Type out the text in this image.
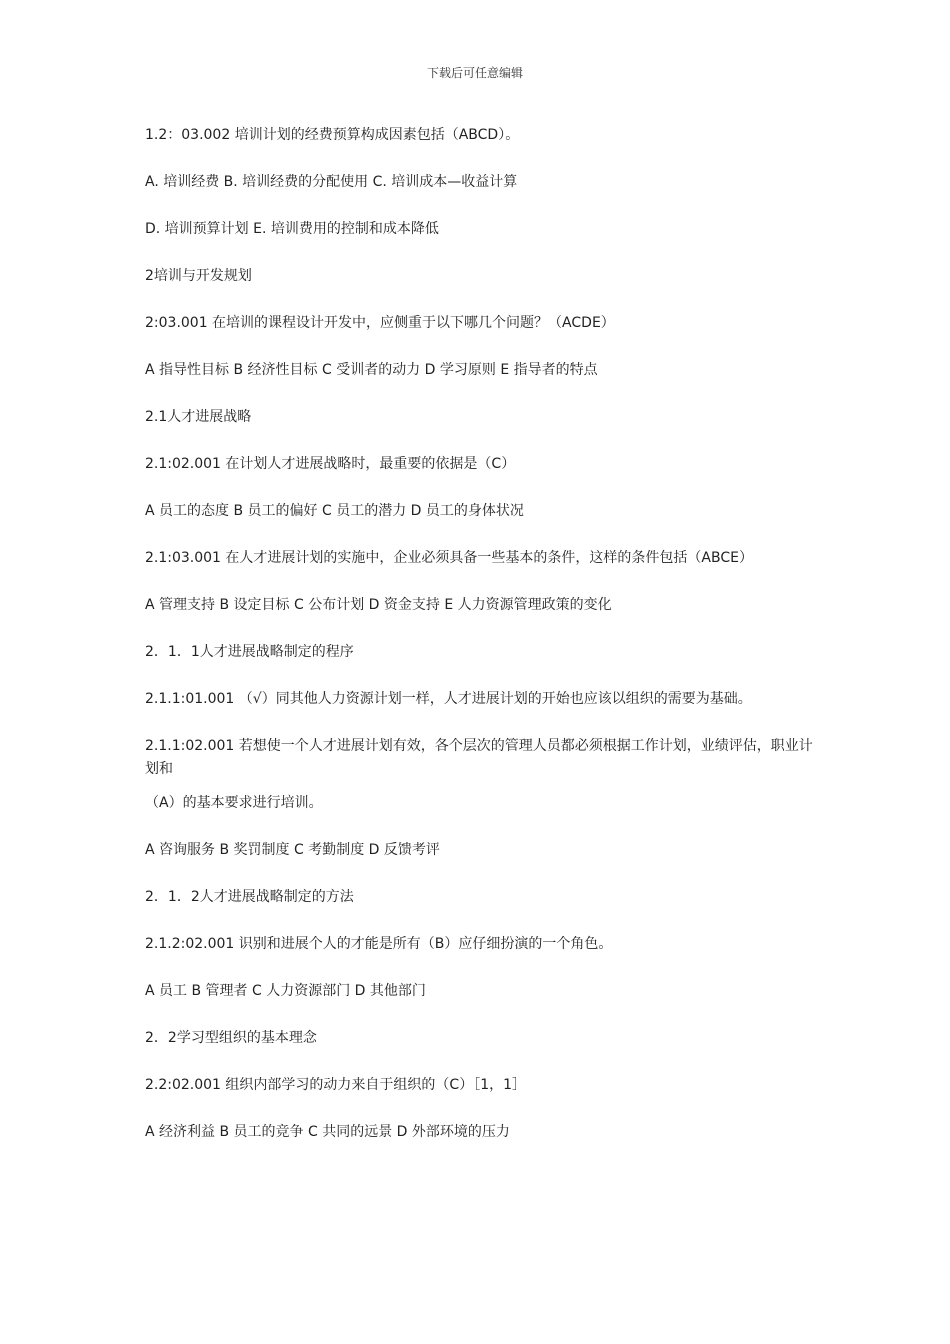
下载后可任意编辑

1.2：03.002 培训计划的经费预算构成因素包括（ABCD）。

A. 培训经费 B. 培训经费的分配使用 C. 培训成本—收益计算

D. 培训预算计划 E. 培训费用的控制和成本降低

2培训与开发规划

2:03.001 在培训的课程设计开发中，应侧重于以下哪几个问题？（ACDE）

A 指导性目标 B 经济性目标 C 受训者的动力 D 学习原则 E 指导者的特点

2.1人才进展战略

2.1:02.001 在计划人才进展战略时，最重要的依据是（C）

A 员工的态度 B 员工的偏好 C 员工的潜力 D 员工的身体状况

2.1:03.001 在人才进展计划的实施中，企业必须具备一些基本的条件，这样的条件包括（ABCE）

A 管理支持 B 设定目标 C 公布计划 D 资金支持 E 人力资源管理政策的变化

2．1．1人才进展战略制定的程序

2.1.1:01.001 （√）同其他人力资源计划一样，人才进展计划的开始也应该以组织的需要为基础。

2.1.1:02.001 若想使一个人才进展计划有效，各个层次的管理人员都必须根据工作计划，业绩评估，职业计划和

（A）的基本要求进行培训。

A 咨询服务 B 奖罚制度 C 考勤制度 D 反馈考评

2．1．2人才进展战略制定的方法

2.1.2:02.001 识别和进展个人的才能是所有（B）应仔细扮演的一个角色。

A 员工 B 管理者 C 人力资源部门 D 其他部门

2．2学习型组织的基本理念

2.2:02.001 组织内部学习的动力来自于组织的（C）［1，1］

A 经济利益 B 员工的竞争 C 共同的远景 D 外部环境的压力
